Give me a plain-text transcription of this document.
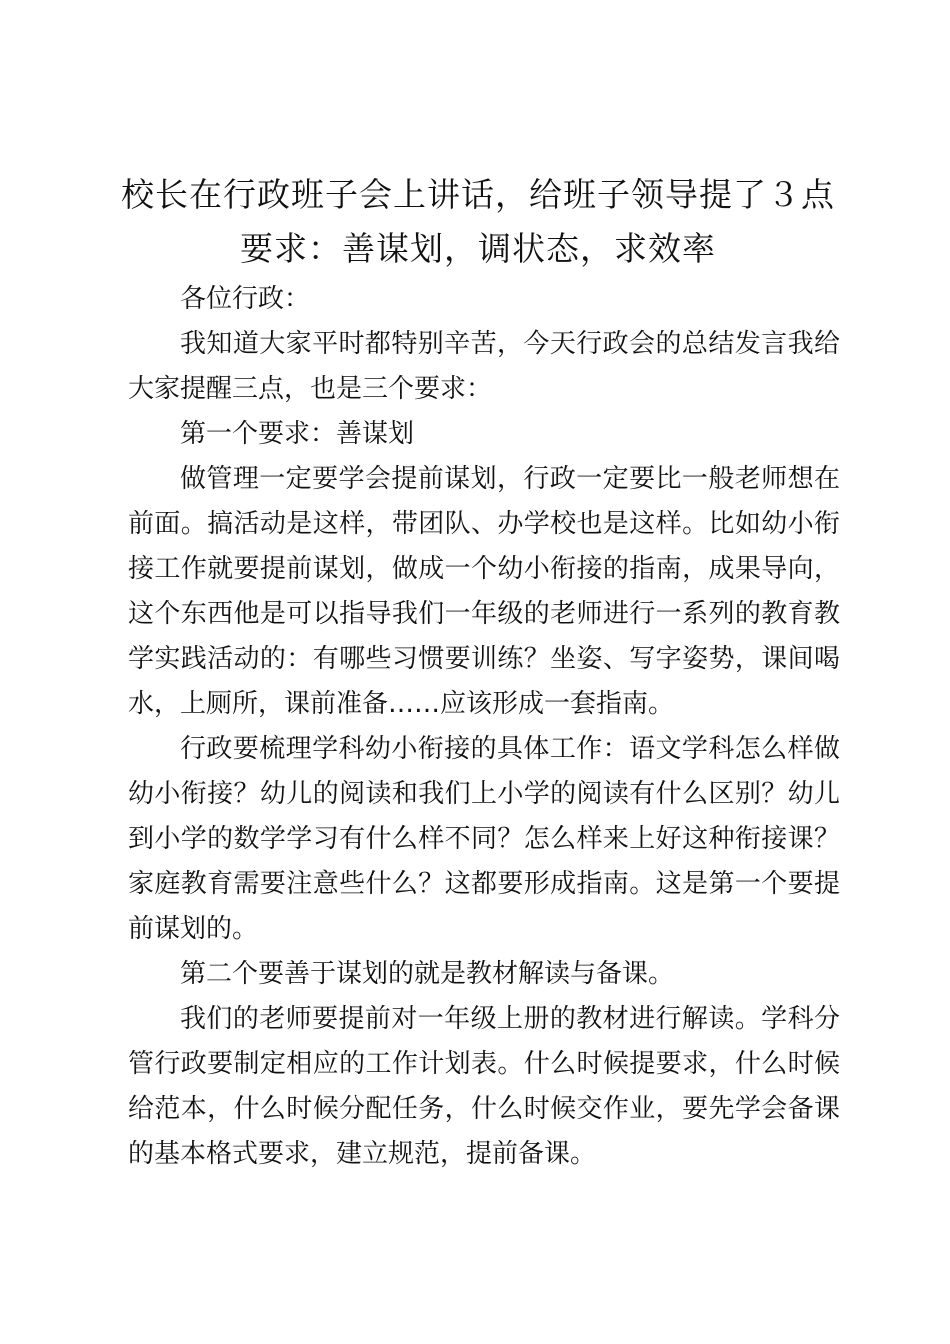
校长在行政班子会上讲话，给班子领导提了３点要求：善谋划，调状态，求效率

各位行政：

我知道大家平时都特别辛苦，今天行政会的总结发言我给大家提醒三点，也是三个要求：

第一个要求：善谋划

做管理一定要学会提前谋划，行政一定要比一般老师想在前面。搞活动是这样，带团队、办学校也是这样。比如幼小衔接工作就要提前谋划，做成一个幼小衔接的指南，成果导向，这个东西他是可以指导我们一年级的老师进行一系列的教育教学实践活动的：有哪些习惯要训练？坐姿、写字姿势，课间喝水，上厕所，课前准备……应该形成一套指南。

行政要梳理学科幼小衔接的具体工作：语文学科怎么样做幼小衔接？幼儿的阅读和我们上小学的阅读有什么区别？幼儿到小学的数学学习有什么样不同？怎么样来上好这种衔接课？家庭教育需要注意些什么？这都要形成指南。这是第一个要提前谋划的。

第二个要善于谋划的就是教材解读与备课。

我们的老师要提前对一年级上册的教材进行解读。学科分管行政要制定相应的工作计划表。什么时候提要求，什么时候给范本，什么时候分配任务，什么时候交作业，要先学会备课的基本格式要求，建立规范，提前备课。
